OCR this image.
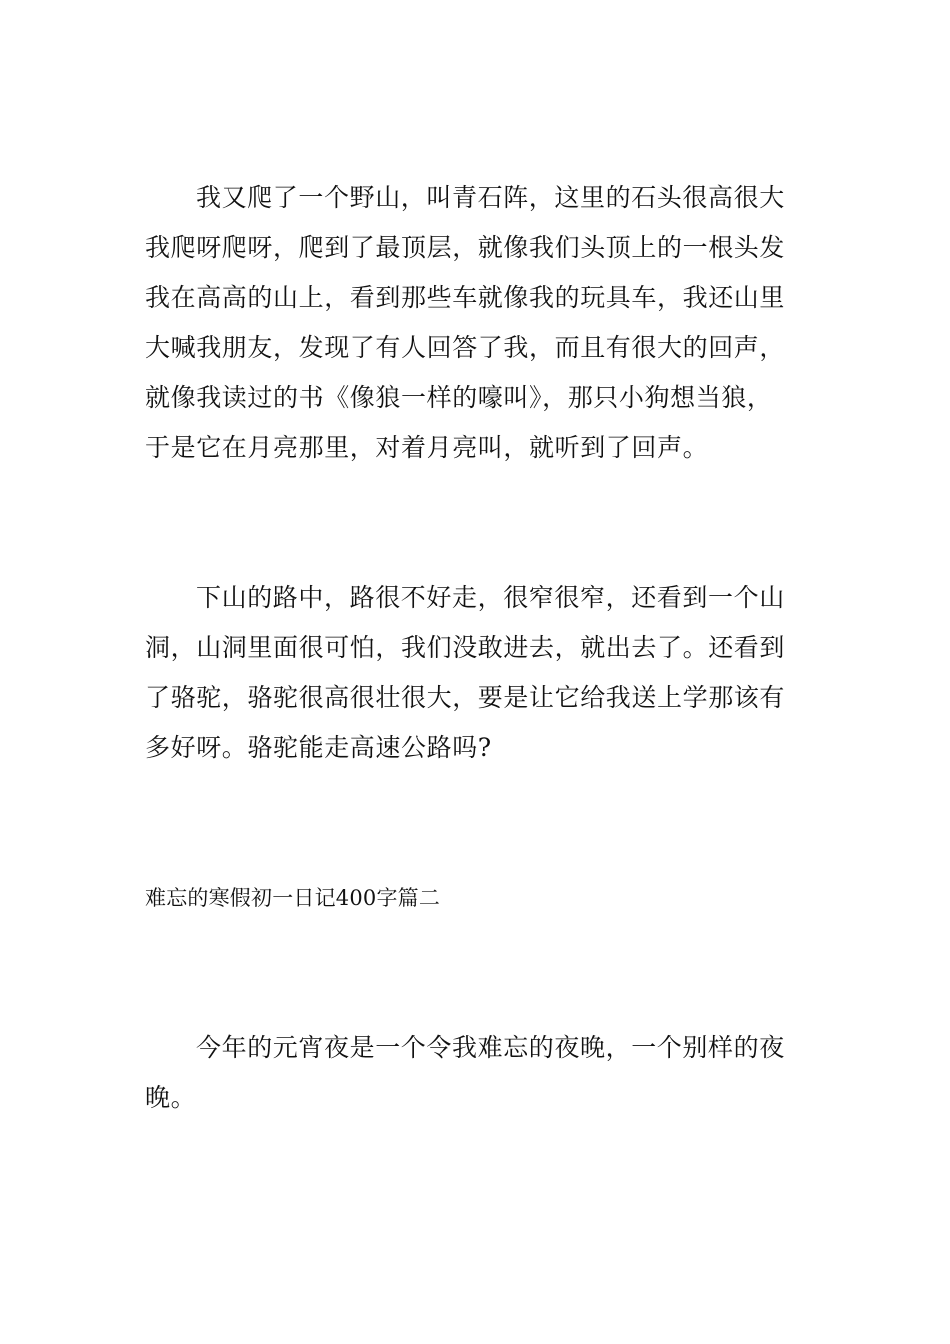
我又爬了一个野山，叫青石阵，这里的石头很高很大
我爬呀爬呀，爬到了最顶层，就像我们头顶上的一根头发
我在高高的山上，看到那些车就像我的玩具车，我还山里
大喊我朋友，发现了有人回答了我，而且有很大的回声，
就像我读过的书《像狼一样的嚎叫》，那只小狗想当狼，
于是它在月亮那里，对着月亮叫，就听到了回声。
下山的路中，路很不好走，很窄很窄，还看到一个山
洞，山洞里面很可怕，我们没敢进去，就出去了。还看到
了骆驼，骆驼很高很壮很大，要是让它给我送上学那该有
多好呀。骆驼能走高速公路吗?
难忘的寒假初一日记400字篇二
今年的元宵夜是一个令我难忘的夜晚，一个别样的夜
晚。
